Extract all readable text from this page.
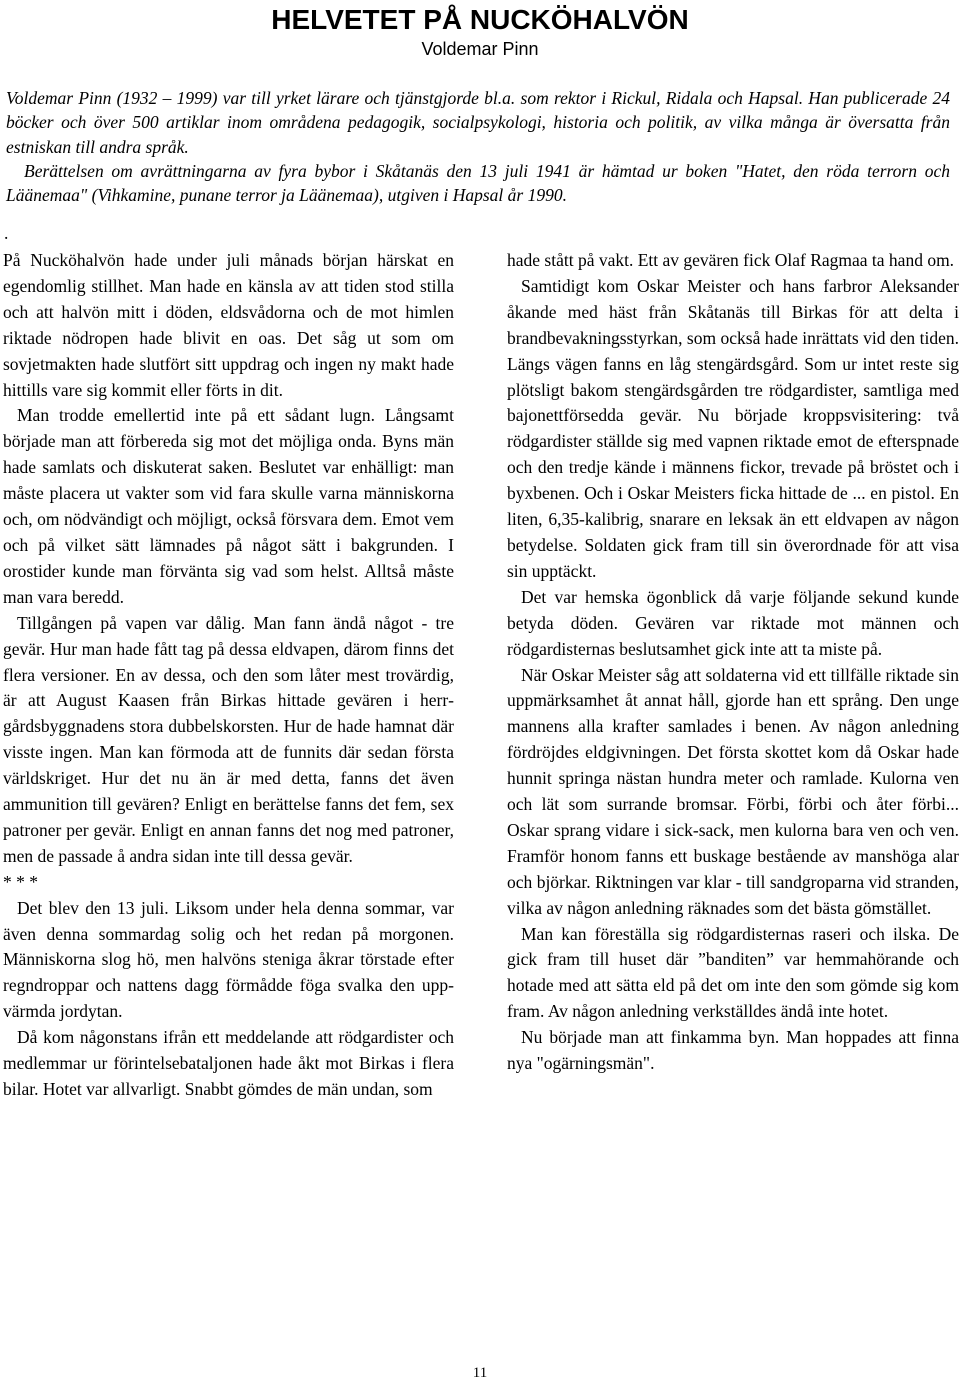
HELVETET PÅ NUCKÖHALVÖN
Voldemar Pinn

Voldemar Pinn (1932 – 1999) var till yrket lärare och tjänstgjorde bl.a. som rektor i Rickul, Ridala och Hapsal. Han publicerade 24 böcker och över 500 artiklar inom områdena pedagogik, socialpsykologi, historia och politik, av vilka många är översatta från estniskan till andra språk.

Berättelsen om avrättningarna av fyra bybor i Skåtanäs den 13 juli 1941 är hämtad ur boken "Hatet, den röda terrorn och Läänemaa" (Vihkamine, punane terror ja Läänemaa), utgiven i Hapsal år 1990.

.

På Nucköhalvön hade under juli månads början härskat en egendomlig stillhet. Man hade en känsla av att tiden stod stilla och att halvön mitt i döden, eldsvådorna och de mot himlen riktade nödropen hade blivit en oas. Det såg ut som om sovjetmakten hade slutfört sitt uppdrag och ingen ny makt hade hittills vare sig kommit eller förts in dit.

Man trodde emellertid inte på ett sådant lugn. Långsamt började man att förbereda sig mot det möjliga onda. Byns män hade samlats och diskuterat saken. Beslutet var enhälligt: man måste placera ut vakter som vid fara skulle varna människorna och, om nödvändigt och möjligt, också försvara dem. Emot vem och på vilket sätt lämnades på något sätt i bakgrunden. I orostider kunde man förvänta sig vad som helst. Alltså måste man vara beredd.

Tillgången på vapen var dålig. Man fann ändå något - tre gevär. Hur man hade fått tag på dessa eldvapen, därom finns det flera versioner. En av dessa, och den som låter mest trovärdig, är att August Kaasen från Birkas hittade gevären i herrgårdsbyggnadens stora dubbelskorsten. Hur de hade hamnat där visste ingen. Man kan förmoda att de funnits där sedan första världskriget. Hur det nu än är med detta, fanns det även ammunition till gevären? Enligt en berättelse fanns det fem, sex patroner per gevär. Enligt en annan fanns det nog med patroner, men de passade å andra sidan inte till dessa gevär.

* * *

Det blev den 13 juli. Liksom under hela denna sommar, var även denna sommardag solig och het redan på morgonen. Människorna slog hö, men halvöns steniga åkrar törstade efter regndroppar och nattens dagg förmådde föga svalka den uppvärmda jordytan.

Då kom någonstans ifrån ett meddelande att rödgardister och medlemmar ur förintelsebataljonen hade åkt mot Birkas i flera bilar. Hotet var allvarligt. Snabbt gömdes de män undan, som

hade stått på vakt. Ett av gevären fick Olaf Ragmaa ta hand om.

Samtidigt kom Oskar Meister och hans farbror Aleksander åkande med häst från Skåtanäs till Birkas för att delta i brandbevakningsstyrkan, som också hade inrättats vid den tiden. Längs vägen fanns en låg stengärdsgård. Som ur intet reste sig plötsligt bakom stengärdsgården tre rödgardister, samtliga med bajonettförsedda gevär. Nu började kroppsvisitering: två rödgardister ställde sig med vapnen riktade emot de efterspnade och den tredje kände i männens fickor, trevade på bröstet och i byxbenen. Och i Oskar Meisters ficka hittade de ... en pistol. En liten, 6,35-kalibrig, snarare en leksak än ett eldvapen av någon betydelse. Soldaten gick fram till sin överordnade för att visa sin upptäckt.

Det var hemska ögonblick då varje följande sekund kunde betyda döden. Gevären var riktade mot männen och rödgardisternas beslutsamhet gick inte att ta miste på.

När Oskar Meister såg att soldaterna vid ett tillfälle riktade sin uppmärksamhet åt annat håll, gjorde han ett språng. Den unge mannens alla krafter samlades i benen. Av någon anledning fördröjdes eldgivningen. Det första skottet kom då Oskar hade hunnit springa nästan hundra meter och ramlade. Kulorna ven och lät som surrande bromsar. Förbi, förbi och åter förbi... Oskar sprang vidare i sick-sack, men kulorna bara ven och ven. Framför honom fanns ett buskage bestående av manshöga alar och björkar. Riktningen var klar - till sandgroparna vid stranden, vilka av någon anledning räknades som det bästa gömstället.

Man kan föreställa sig rödgardisternas raseri och ilska. De gick fram till huset där ”banditen” var hemmahörande och hotade med att sätta eld på det om inte den som gömde sig kom fram. Av någon anledning verkställdes ändå inte hotet.

Nu började man att finkamma byn. Man hoppades att finna nya "ogärningsmän".

11
